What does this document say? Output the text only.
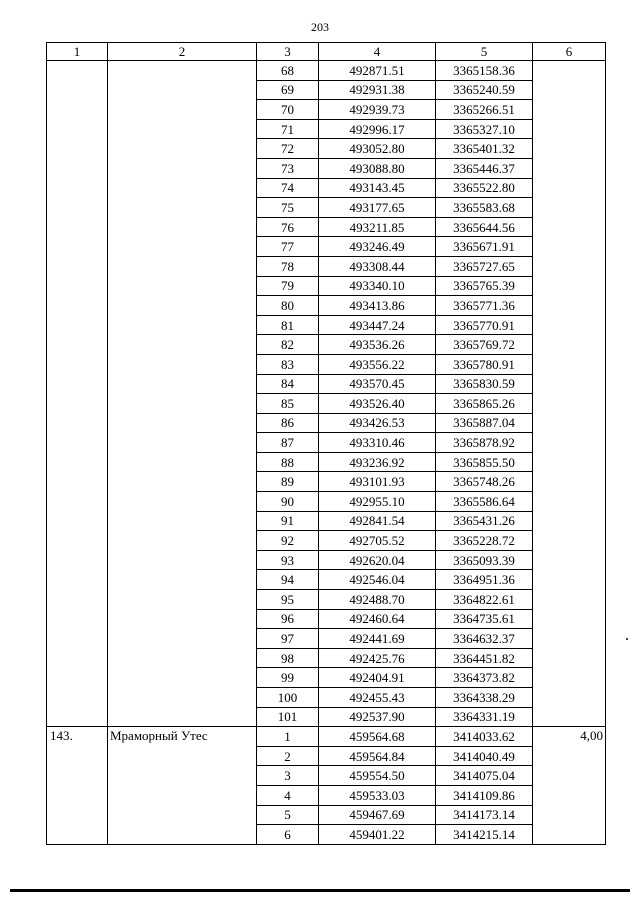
203
1	2	3	4	5	6
		68	492871.51	3365158.36	
		69	492931.38	3365240.59	
		70	492939.73	3365266.51	
		71	492996.17	3365327.10	
		72	493052.80	3365401.32	
		73	493088.80	3365446.37	
		74	493143.45	3365522.80	
		75	493177.65	3365583.68	
		76	493211.85	3365644.56	
		77	493246.49	3365671.91	
		78	493308.44	3365727.65	
		79	493340.10	3365765.39	
		80	493413.86	3365771.36	
		81	493447.24	3365770.91	
		82	493536.26	3365769.72	
		83	493556.22	3365780.91	
		84	493570.45	3365830.59	
		85	493526.40	3365865.26	
		86	493426.53	3365887.04	
		87	493310.46	3365878.92	
		88	493236.92	3365855.50	
		89	493101.93	3365748.26	
		90	492955.10	3365586.64	
		91	492841.54	3365431.26	
		92	492705.52	3365228.72	
		93	492620.04	3365093.39	
		94	492546.04	3364951.36	
		95	492488.70	3364822.61	
		96	492460.64	3364735.61	
		97	492441.69	3364632.37	
		98	492425.76	3364451.82	
		99	492404.91	3364373.82	
		100	492455.43	3364338.29	
		101	492537.90	3364331.19	
143.	Мраморный Утес	1	459564.68	3414033.62	4,00
		2	459564.84	3414040.49	
		3	459554.50	3414075.04	
		4	459533.03	3414109.86	
		5	459467.69	3414173.14	
		6	459401.22	3414215.14	
